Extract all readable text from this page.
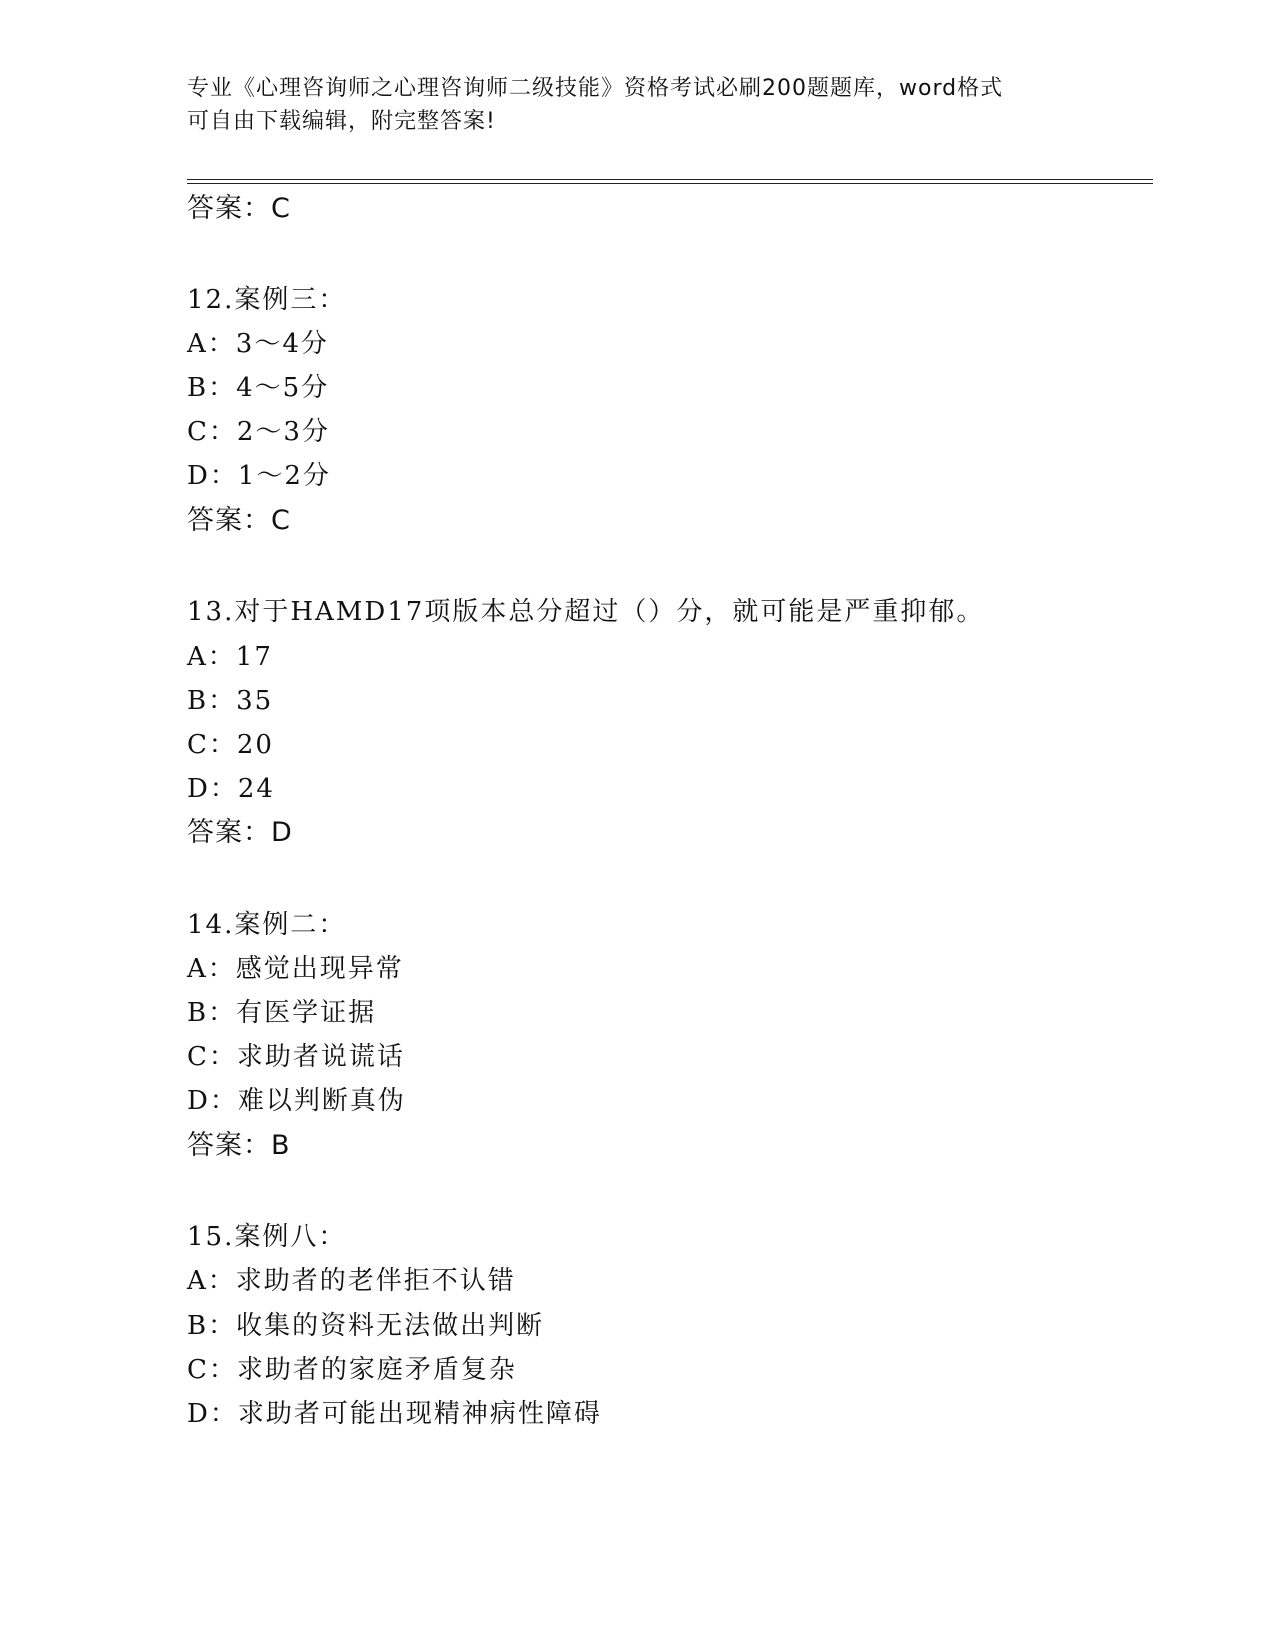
专业《心理咨询师之心理咨询师二级技能》资格考试必刷200题题库，word格式
可自由下载编辑，附完整答案!
答案：C
12.案例三：
A：3～4分
B：4～5分
C：2～3分
D：1～2分
答案：C
13.对于HAMD17项版本总分超过（）分，就可能是严重抑郁。
A：17
B：35
C：20
D：24
答案：D
14.案例二：
A：感觉出现异常
B：有医学证据
C：求助者说谎话
D：难以判断真伪
答案：B
15.案例八：
A：求助者的老伴拒不认错
B：收集的资料无法做出判断
C：求助者的家庭矛盾复杂
D：求助者可能出现精神病性障碍
